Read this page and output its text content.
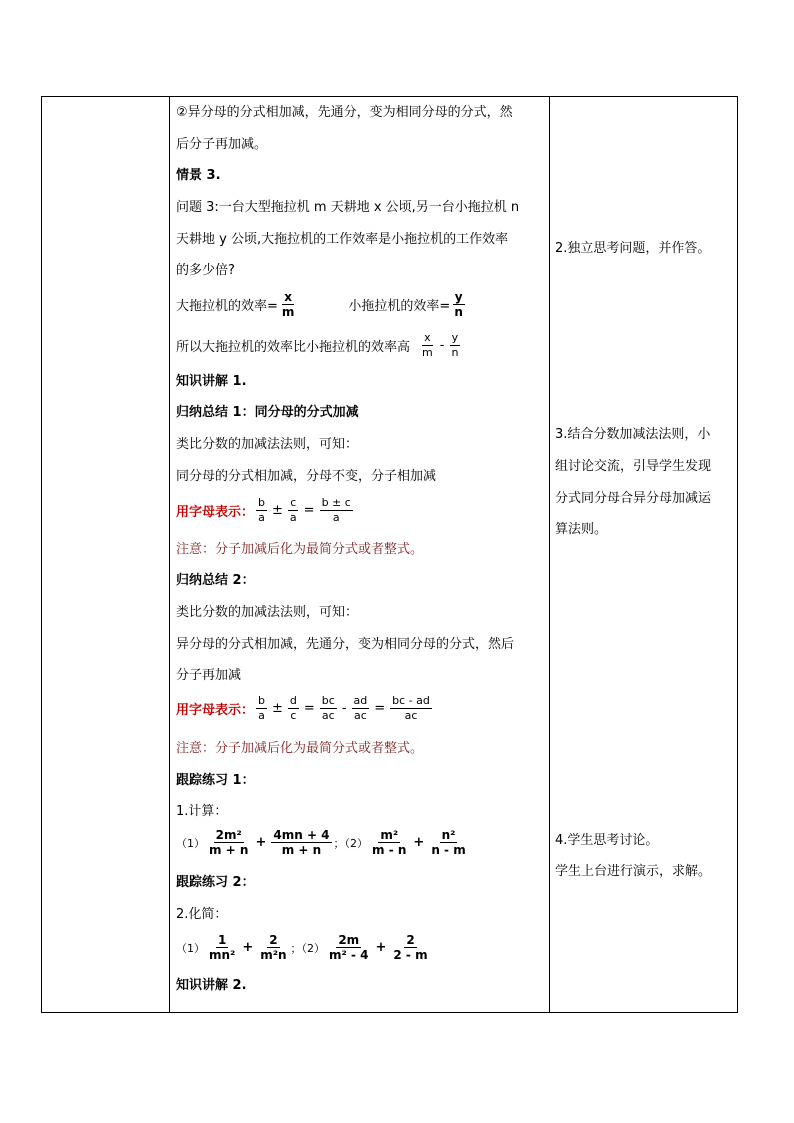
②异分母的分式相加减，先通分，变为相同分母的分式，然
后分子再加减。
情景 3.
问题 3:一台大型拖拉机 m 天耕地 x 公顷,另一台小拖拉机 n
天耕地 y 公顷,大拖拉机的工作效率是小拖拉机的工作效率
的多少倍?
大拖拉机的效率= $\frac{x}{m}$	小拖拉机的效率= $\frac{y}{n}$
所以大拖拉机的效率比小拖拉机的效率高 $\frac{x}{m} - \frac{y}{n}$
知识讲解 1.
归纳总结 1：同分母的分式加减
类比分数的加减法法则，可知：
同分母的分式相加减，分母不变，分子相加减
用字母表示： $\frac{b}{a} \pm \frac{c}{a} = \frac{b \pm c}{a}$
注意：分子加减后化为最简分式或者整式。
归纳总结 2：
类比分数的加减法法则，可知：
异分母的分式相加减，先通分，变为相同分母的分式，然后
分子再加减
用字母表示： $\frac{b}{a} \pm \frac{d}{c} = \frac{bc}{ac} - \frac{ad}{ac} = \frac{bc - ad}{ac}$
注意：分子加减后化为最简分式或者整式。
跟踪练习 1：
1.计算：
$(1) \frac{\text{2m²}}{m + n} + \frac{4mn + 4}{m + n}$ ；$(2) \frac{\text{m²}}{m - n} + \frac{\text{n²}}{n - m}$
跟踪练习 2：
2.化简：
$(1) \frac{1}{\text{mn²}} + \frac{2}{\text{m²n}}$ ；$(2) \frac{2m}{\text{m² - 4}} + \frac{2}{2 - m}$
知识讲解 2.
2.独立思考问题，并作答。
3.结合分数加减法法则，小
组讨论交流，引导学生发现
分式同分母合异分母加减运
算法则。
4.学生思考讨论。
学生上台进行演示，求解。
